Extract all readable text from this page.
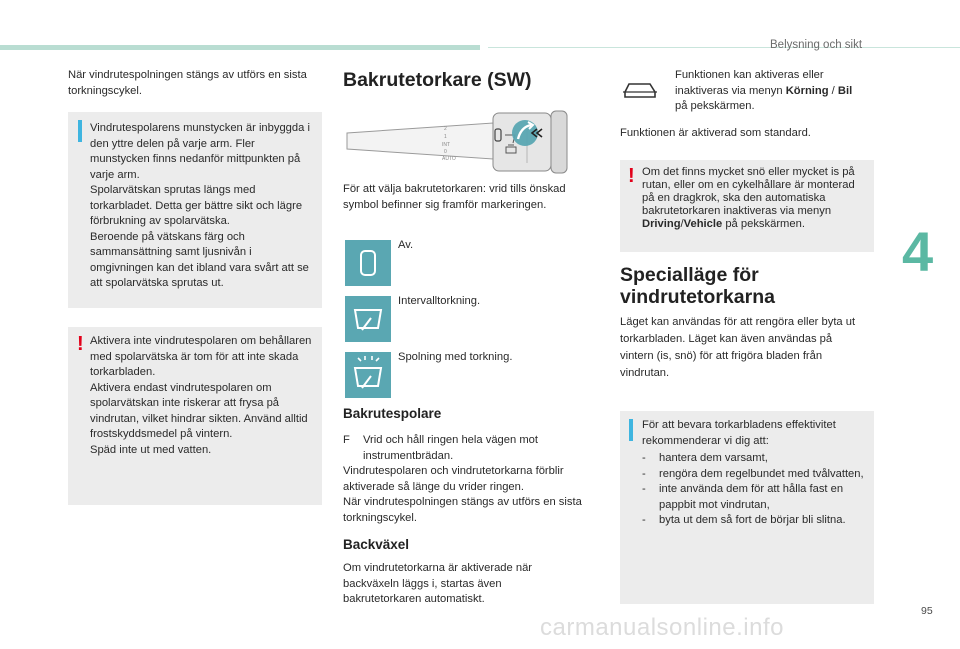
Belysning och sikt
4
95
carmanualsonline.info

När vindrutespolningen stängs av utförs en sista torkningscykel.

Vindrutespolarens munstycken är inbyggda i den yttre delen på varje arm. Fler munstycken finns nedanför mittpunkten på varje arm.
Spolarvätskan sprutas längs med torkarbladet. Detta ger bättre sikt och lägre förbrukning av spolarvätska.
Beroende på vätskans färg och sammansättning samt ljusnivån i omgivningen kan det ibland vara svårt att se att spolarvätska sprutas ut.
! Aktivera inte vindrutespolaren om behållaren med spolarvätska är tom för att inte skada torkarbladen.
Aktivera endast vindrutespolaren om spolarvätskan inte riskerar att frysa på vindrutan, vilket hindrar sikten. Använd alltid frostskyddsmedel på vintern.
Späd inte ut med vatten.
Bakrutetorkare (SW)
2
1
INT
0
AUTO

För att välja bakrutetorkaren: vrid tills önskad symbol befinner sig framför markeringen.

Av.
Intervalltorkning.
Spolning med torkning.
Bakrutespolare
F	Vrid och håll ringen hela vägen mot instrumentbrädan.

Vindrutespolaren och vindrutetorkarna förblir aktiverade så länge du vrider ringen.
När vindrutespolningen stängs av utförs en sista torkningscykel.

Backväxel

Om vindrutetorkarna är aktiverade när backväxeln läggs i, startas även bakrutetorkaren automatiskt.

Funktionen kan aktiveras eller inaktiveras via menyn Körning / Bil
på pekskärmen.

Funktionen är aktiverad som standard.

! Om det finns mycket snö eller mycket is på rutan, eller om en cykelhållare är monterad på en dragkrok, ska den automatiska bakrutetorkaren inaktiveras via menyn Driving/Vehicle på pekskärmen.
Specialläge för vindrutetorkarna

Läget kan användas för att rengöra eller byta ut torkarbladen. Läget kan även användas på vintern (is, snö) för att frigöra bladen från vindrutan.

För att bevara torkarbladens effektivitet rekommenderar vi dig att:
- hantera dem varsamt,
- rengöra dem regelbundet med tvålvatten,
- inte använda dem för att hålla fast en pappbit mot vindrutan,
- byta ut dem så fort de börjar bli slitna.
